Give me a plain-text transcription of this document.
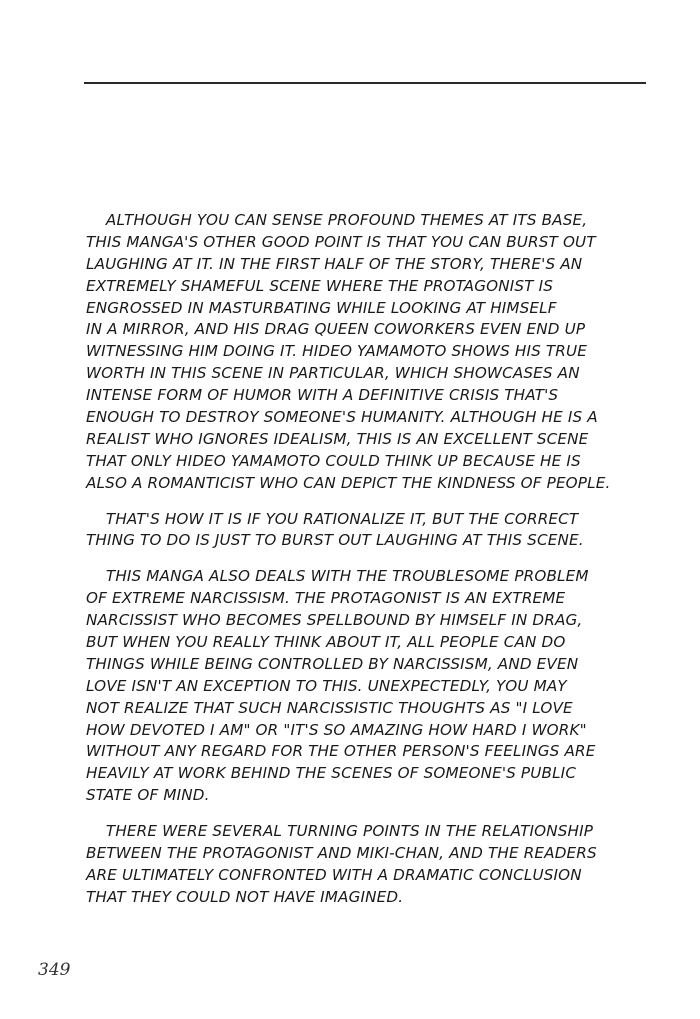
ALTHOUGH YOU CAN SENSE PROFOUND THEMES AT ITS BASE,
THIS MANGA'S OTHER GOOD POINT IS THAT YOU CAN BURST OUT
LAUGHING AT IT. IN THE FIRST HALF OF THE STORY, THERE'S AN
EXTREMELY SHAMEFUL SCENE WHERE THE PROTAGONIST IS
ENGROSSED IN MASTURBATING WHILE LOOKING AT HIMSELF
IN A MIRROR, AND HIS DRAG QUEEN COWORKERS EVEN END UP
WITNESSING HIM DOING IT. HIDEO YAMAMOTO SHOWS HIS TRUE
WORTH IN THIS SCENE IN PARTICULAR, WHICH SHOWCASES AN
INTENSE FORM OF HUMOR WITH A DEFINITIVE CRISIS THAT'S
ENOUGH TO DESTROY SOMEONE'S HUMANITY. ALTHOUGH HE IS A
REALIST WHO IGNORES IDEALISM, THIS IS AN EXCELLENT SCENE
THAT ONLY HIDEO YAMAMOTO COULD THINK UP BECAUSE HE IS
ALSO A ROMANTICIST WHO CAN DEPICT THE KINDNESS OF PEOPLE.
THAT'S HOW IT IS IF YOU RATIONALIZE IT, BUT THE CORRECT
THING TO DO IS JUST TO BURST OUT LAUGHING AT THIS SCENE.
THIS MANGA ALSO DEALS WITH THE TROUBLESOME PROBLEM
OF EXTREME NARCISSISM. THE PROTAGONIST IS AN EXTREME
NARCISSIST WHO BECOMES SPELLBOUND BY HIMSELF IN DRAG,
BUT WHEN YOU REALLY THINK ABOUT IT, ALL PEOPLE CAN DO
THINGS WHILE BEING CONTROLLED BY NARCISSISM, AND EVEN
LOVE ISN'T AN EXCEPTION TO THIS. UNEXPECTEDLY, YOU MAY
NOT REALIZE THAT SUCH NARCISSISTIC THOUGHTS AS "I LOVE
HOW DEVOTED I AM" OR "IT'S SO AMAZING HOW HARD I WORK"
WITHOUT ANY REGARD FOR THE OTHER PERSON'S FEELINGS ARE
HEAVILY AT WORK BEHIND THE SCENES OF SOMEONE'S PUBLIC
STATE OF MIND.
THERE WERE SEVERAL TURNING POINTS IN THE RELATIONSHIP
BETWEEN THE PROTAGONIST AND MIKI-CHAN, AND THE READERS
ARE ULTIMATELY CONFRONTED WITH A DRAMATIC CONCLUSION
THAT THEY COULD NOT HAVE IMAGINED.
349
